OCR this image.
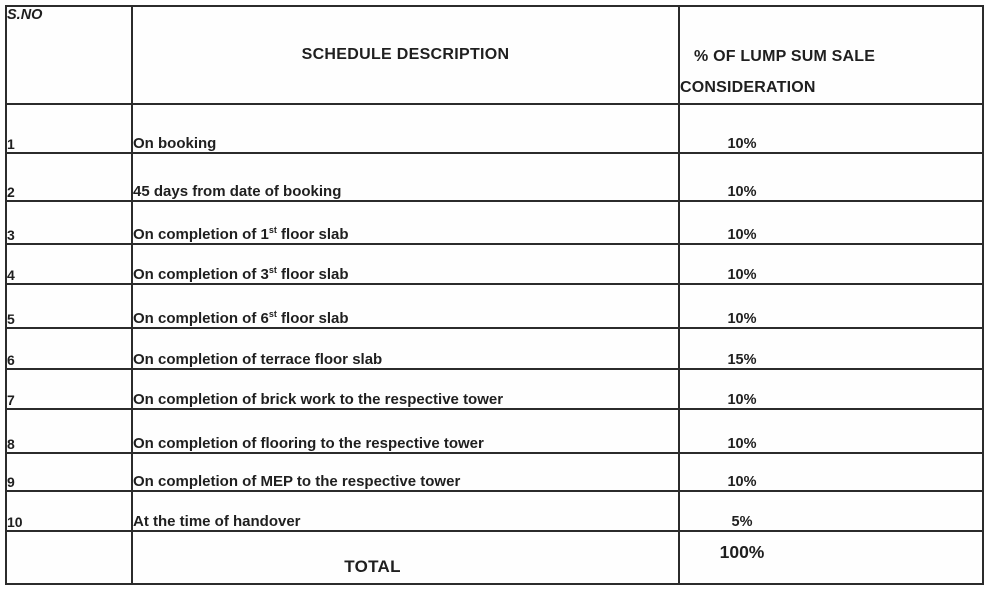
S.NO	SCHEDULE DESCRIPTION	% OF LUMP SUM SALE
CONSIDERATION

1	On booking	10%

2	45 days from date of booking	10%

3	On completion of 1st floor slab	10%

4	On completion of 3st floor slab	10%

5	On completion of 6st floor slab	10%

6	On completion of terrace floor slab	15%

7	On completion of brick work to the respective tower	10%

8	On completion of flooring to the respective tower	10%

9	On completion of MEP to the respective tower	10%

10	At the time of handover	5%

	TOTAL	100%
